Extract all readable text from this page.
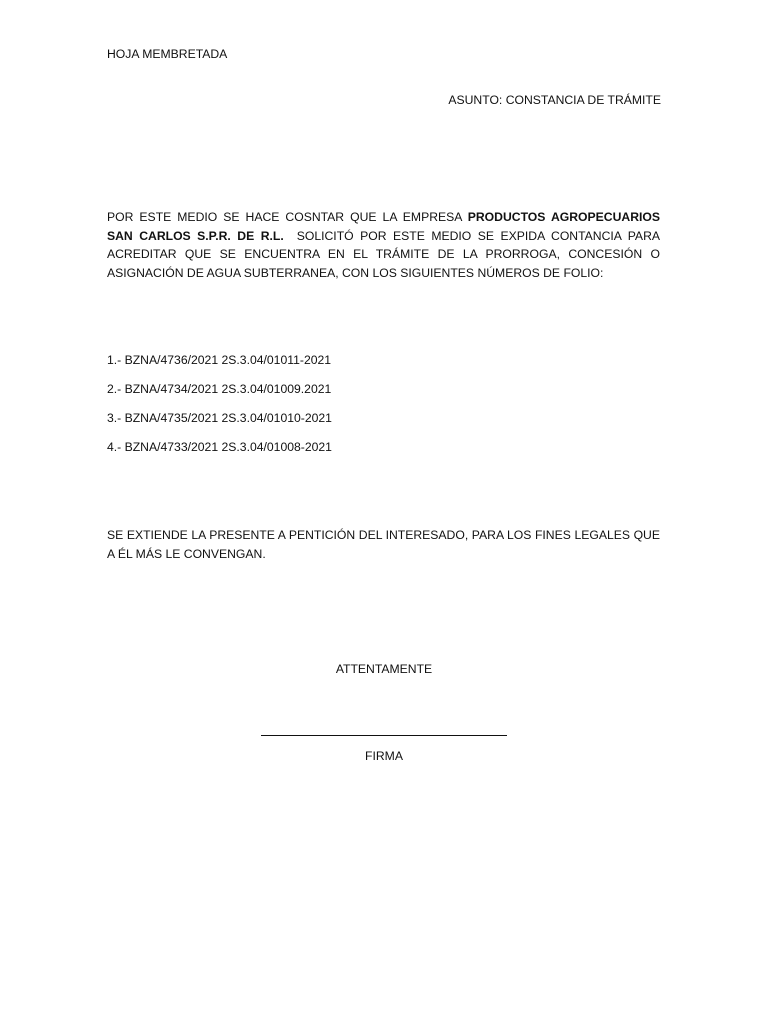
HOJA MEMBRETADA
ASUNTO: CONSTANCIA DE TRÁMITE
POR ESTE MEDIO SE HACE COSNTAR QUE LA EMPRESA PRODUCTOS AGROPECUARIOS SAN CARLOS S.P.R. DE R.L.  SOLICITÓ POR ESTE MEDIO SE EXPIDA CONTANCIA PARA ACREDITAR QUE SE ENCUENTRA EN EL TRÁMITE DE LA PRORROGA, CONCESIÓN O ASIGNACIÓN DE AGUA SUBTERRANEA, CON LOS SIGUIENTES NÚMEROS DE FOLIO:
1.- BZNA/4736/2021 2S.3.04/01011-2021
2.- BZNA/4734/2021 2S.3.04/01009.2021
3.- BZNA/4735/2021 2S.3.04/01010-2021
4.- BZNA/4733/2021 2S.3.04/01008-2021
SE EXTIENDE LA PRESENTE A PENTICIÓN DEL INTERESADO, PARA LOS FINES LEGALES QUE A ÉL MÁS LE CONVENGAN.
ATTENTAMENTE
FIRMA
